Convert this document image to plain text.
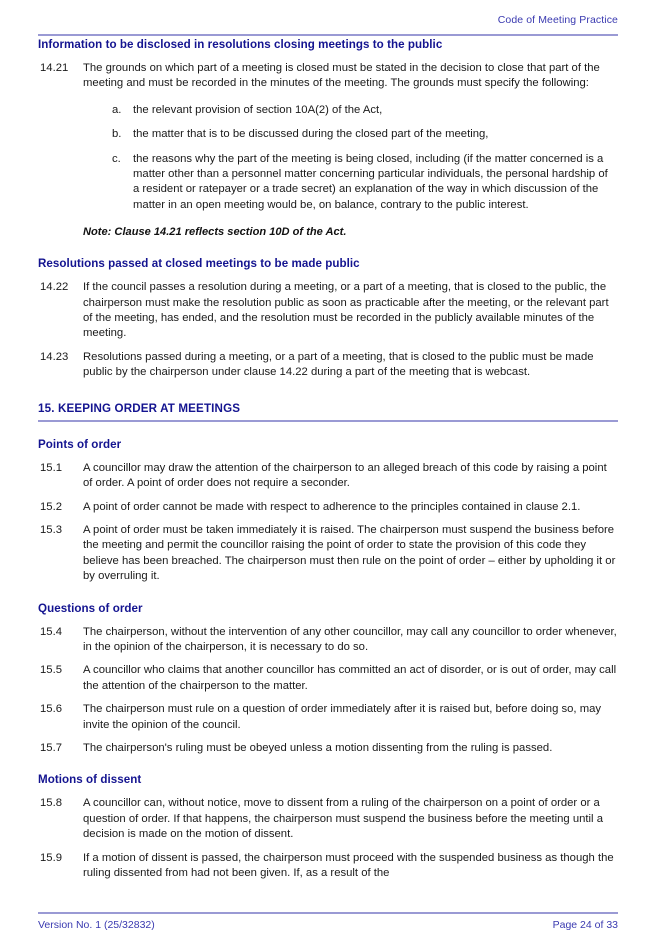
Code of Meeting Practice
Information to be disclosed in resolutions closing meetings to the public
14.21	The grounds on which part of a meeting is closed must be stated in the decision to close that part of the meeting and must be recorded in the minutes of the meeting. The grounds must specify the following:
a.	the relevant provision of section 10A(2) of the Act,
b.	the matter that is to be discussed during the closed part of the meeting,
c.	the reasons why the part of the meeting is being closed, including (if the matter concerned is a matter other than a personnel matter concerning particular individuals, the personal hardship of a resident or ratepayer or a trade secret) an explanation of the way in which discussion of the matter in an open meeting would be, on balance, contrary to the public interest.
Note: Clause 14.21 reflects section 10D of the Act.
Resolutions passed at closed meetings to be made public
14.22	If the council passes a resolution during a meeting, or a part of a meeting, that is closed to the public, the chairperson must make the resolution public as soon as practicable after the meeting, or the relevant part of the meeting, has ended, and the resolution must be recorded in the publicly available minutes of the meeting.
14.23	Resolutions passed during a meeting, or a part of a meeting, that is closed to the public must be made public by the chairperson under clause 14.22 during a part of the meeting that is webcast.
15. KEEPING ORDER AT MEETINGS
Points of order
15.1	A councillor may draw the attention of the chairperson to an alleged breach of this code by raising a point of order. A point of order does not require a seconder.
15.2	A point of order cannot be made with respect to adherence to the principles contained in clause 2.1.
15.3	A point of order must be taken immediately it is raised. The chairperson must suspend the business before the meeting and permit the councillor raising the point of order to state the provision of this code they believe has been breached. The chairperson must then rule on the point of order – either by upholding it or by overruling it.
Questions of order
15.4	The chairperson, without the intervention of any other councillor, may call any councillor to order whenever, in the opinion of the chairperson, it is necessary to do so.
15.5	A councillor who claims that another councillor has committed an act of disorder, or is out of order, may call the attention of the chairperson to the matter.
15.6	The chairperson must rule on a question of order immediately after it is raised but, before doing so, may invite the opinion of the council.
15.7	The chairperson's ruling must be obeyed unless a motion dissenting from the ruling is passed.
Motions of dissent
15.8	A councillor can, without notice, move to dissent from a ruling of the chairperson on a point of order or a question of order. If that happens, the chairperson must suspend the business before the meeting until a decision is made on the motion of dissent.
15.9	If a motion of dissent is passed, the chairperson must proceed with the suspended business as though the ruling dissented from had not been given. If, as a result of the
Version No. 1 (25/32832)	Page 24 of 33
